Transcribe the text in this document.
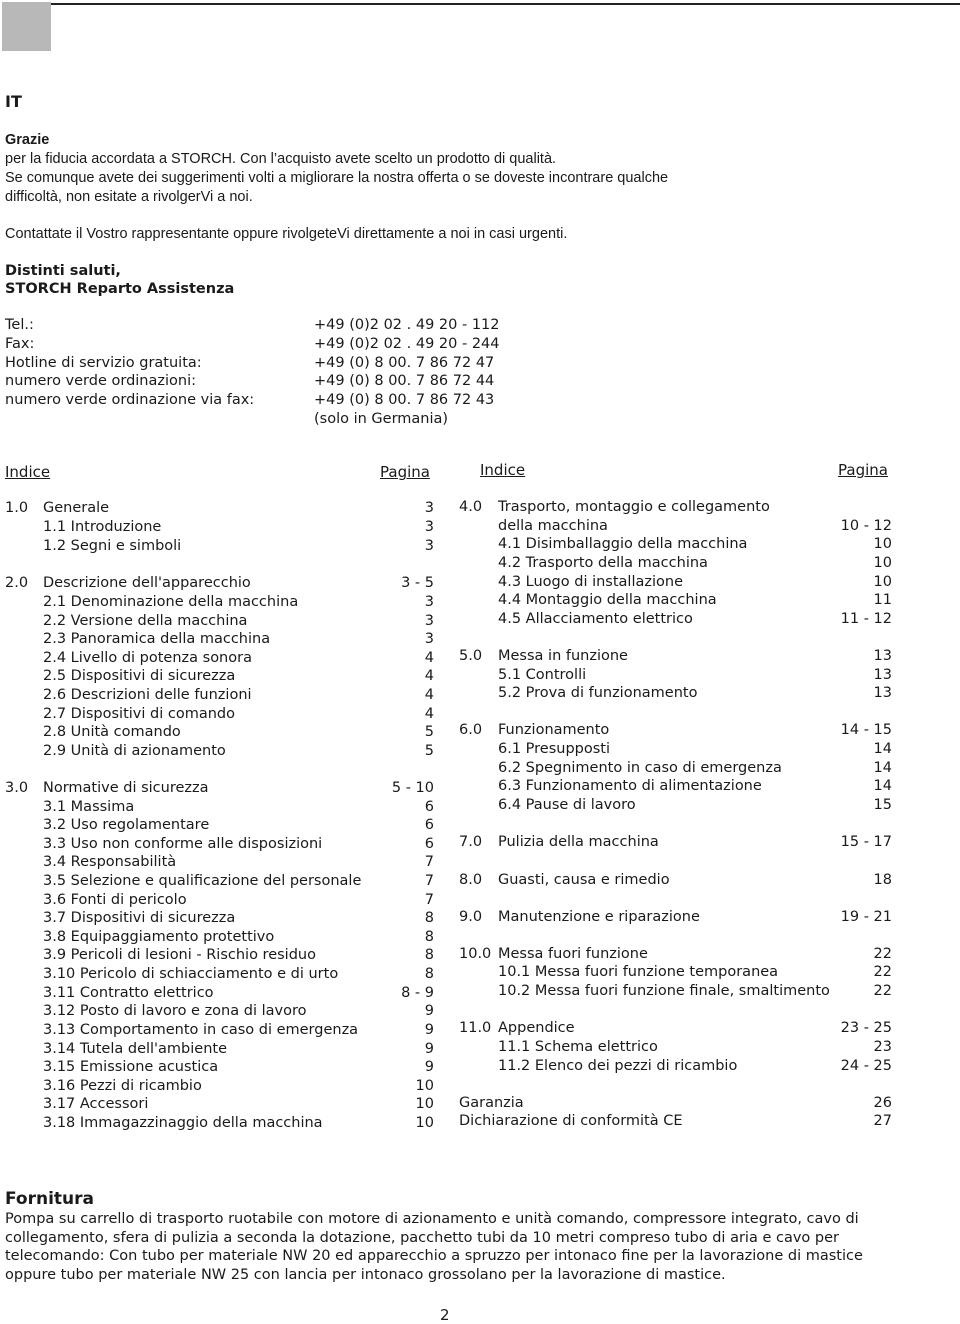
IT
Grazie
per la fiducia accordata a STORCH. Con l’acquisto avete scelto un prodotto di qualità.
Se comunque avete dei suggerimenti volti a migliorare la nostra offerta o se doveste incontrare qualche difficoltà, non esitate a rivolgerVi a noi.
Contattate il Vostro rappresentante oppure rivolgeteVi direttamente a noi in casi urgenti.
Distinti saluti,
STORCH Reparto Assistenza
Tel.:	+49 (0)2 02 . 49 20 - 112
Fax:	+49 (0)2 02 . 49 20 - 244
Hotline di servizio gratuita:	+49 (0) 8 00. 7 86 72 47
numero verde ordinazioni:	+49 (0) 8 00. 7 86 72 44
numero verde ordinazione via fax:	+49 (0) 8 00. 7 86 72 43
(solo in Germania)
Indice	Pagina	Indice	Pagina
1.0 Generale	3
1.1 Introduzione	3
1.2 Segni e simboli	3
2.0 Descrizione dell'apparecchio	3 - 5
2.1 Denominazione della macchina	3
2.2 Versione della macchina	3
2.3 Panoramica della macchina	3
2.4 Livello di potenza sonora	4
2.5 Dispositivi di sicurezza	4
2.6 Descrizioni delle funzioni	4
2.7 Dispositivi di comando	4
2.8 Unità comando	5
2.9 Unità di azionamento	5
3.0 Normative di sicurezza	5 - 10
3.1 Massima	6
3.2 Uso regolamentare	6
3.3 Uso non conforme alle disposizioni	6
3.4 Responsabilità	7
3.5 Selezione e qualificazione del personale	7
3.6 Fonti di pericolo	7
3.7 Dispositivi di sicurezza	8
3.8 Equipaggiamento protettivo	8
3.9 Pericoli di lesioni - Rischio residuo	8
3.10 Pericolo di schiacciamento e di urto	8
3.11 Contratto elettrico	8 - 9
3.12 Posto di lavoro e zona di lavoro	9
3.13 Comportamento in caso di emergenza	9
3.14 Tutela dell'ambiente	9
3.15 Emissione acustica	9
3.16 Pezzi di ricambio	10
3.17 Accessori	10
3.18 Immagazzinaggio della macchina	10
4.0 Trasporto, montaggio e collegamento
della macchina	10 - 12
4.1 Disimballaggio della macchina	10
4.2 Trasporto della macchina	10
4.3 Luogo di installazione	10
4.4 Montaggio della macchina	11
4.5 Allacciamento elettrico	11 - 12
5.0 Messa in funzione	13
5.1 Controlli	13
5.2 Prova di funzionamento	13
6.0 Funzionamento	14 - 15
6.1 Presupposti	14
6.2 Spegnimento in caso di emergenza	14
6.3 Funzionamento di alimentazione	14
6.4 Pause di lavoro	15
7.0 Pulizia della macchina	15 - 17
8.0 Guasti, causa e rimedio	18
9.0 Manutenzione e riparazione	19 - 21
10.0 Messa fuori funzione	22
10.1 Messa fuori funzione temporanea	22
10.2 Messa fuori funzione finale, smaltimento	22
11.0 Appendice	23 - 25
11.1 Schema elettrico	23
11.2 Elenco dei pezzi di ricambio	24 - 25
Garanzia	26
Dichiarazione di conformità CE	27
Fornitura
Pompa su carrello di trasporto ruotabile con motore di azionamento e unità comando, compressore integrato, cavo di collegamento, sfera di pulizia a seconda la dotazione, pacchetto tubi da 10 metri compreso tubo di aria e cavo per telecomando: Con tubo per materiale NW 20 ed apparecchio a spruzzo per intonaco fine per la lavorazione di mastice oppure tubo per materiale NW 25 con lancia per intonaco grossolano per la lavorazione di mastice.
2
